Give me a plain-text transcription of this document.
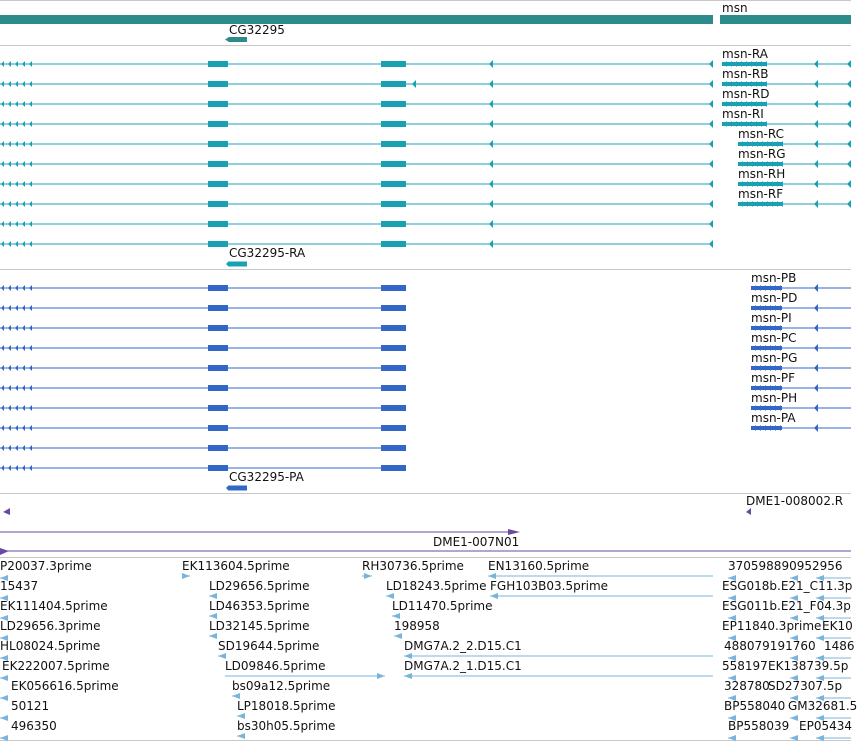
msn
CG32295
msn-RA
msn-RB
msn-RD
msn-RI
msn-RC
msn-RG
msn-RH
msn-RF
CG32295-RA
msn-PB
msn-PD
msn-PI
msn-PC
msn-PG
msn-PF
msn-PH
msn-PA
CG32295-PA
DME1-008002.R
DME1-007N01
P20037.3prime
15437
EK111404.5prime
LD29656.3prime
HL08024.5prime
EK222007.5prime
EK056616.5prime
50121
496350
EK113604.5prime
LD29656.5prime
LD46353.5prime
LD32145.5prime
SD19644.5prime
LD09846.5prime
bs09a12.5prime
LP18018.5prime
bs30h05.5prime
RH30736.5prime
LD18243.5prime
LD11470.5prime
198958
EN13160.5prime
FGH103B03.5prime
DMG7A.2_2.D15.C1
DMG7A.2_1.D15.C1
370598890952956
ESG018b.E21_C11.3p
ESG011b.E21_F04.3p
EP11840.3prime
488079191760
558197
328780
BP558040
BP558039
EK10
1486
EK138739.5p
SD27307.5p
GM32681.5
EP05434
